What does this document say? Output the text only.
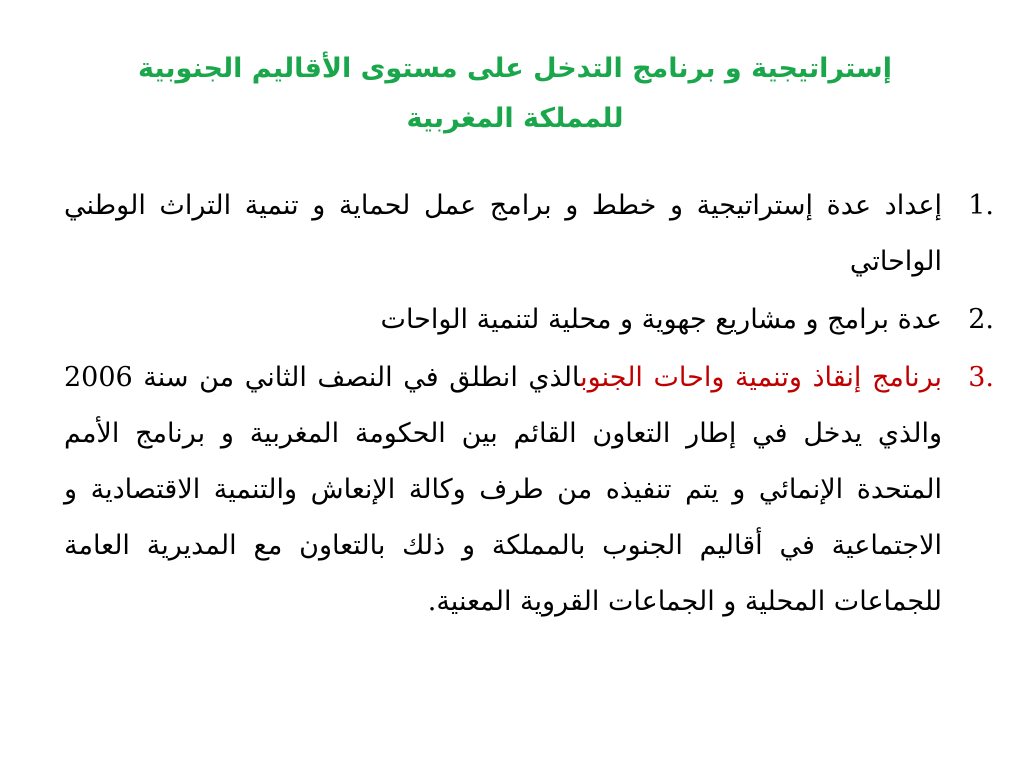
إستراتيجية و برنامج التدخل على مستوى الأقاليم الجنوبية
للمملكة المغربية
1.
إعداد عدة إستراتيجية و خطط و برامج عمل لحماية و تنمية التراث الوطني الواحاتي
2.
عدة برامج و مشاريع جهوية و محلية لتنمية الواحات
3.
برنامج إنقاذ وتنمية واحات الجنوبالذي انطلق في النصف الثاني من سنة 2006 والذي يدخل في إطار التعاون القائم بين الحكومة المغربية و برنامج الأمم المتحدة الإنمائي و يتم تنفيذه من طرف وكالة الإنعاش والتنمية الاقتصادية و الاجتماعية في أقاليم الجنوب بالمملكة و ذلك بالتعاون مع المديرية العامة للجماعات المحلية و الجماعات القروية المعنية.
